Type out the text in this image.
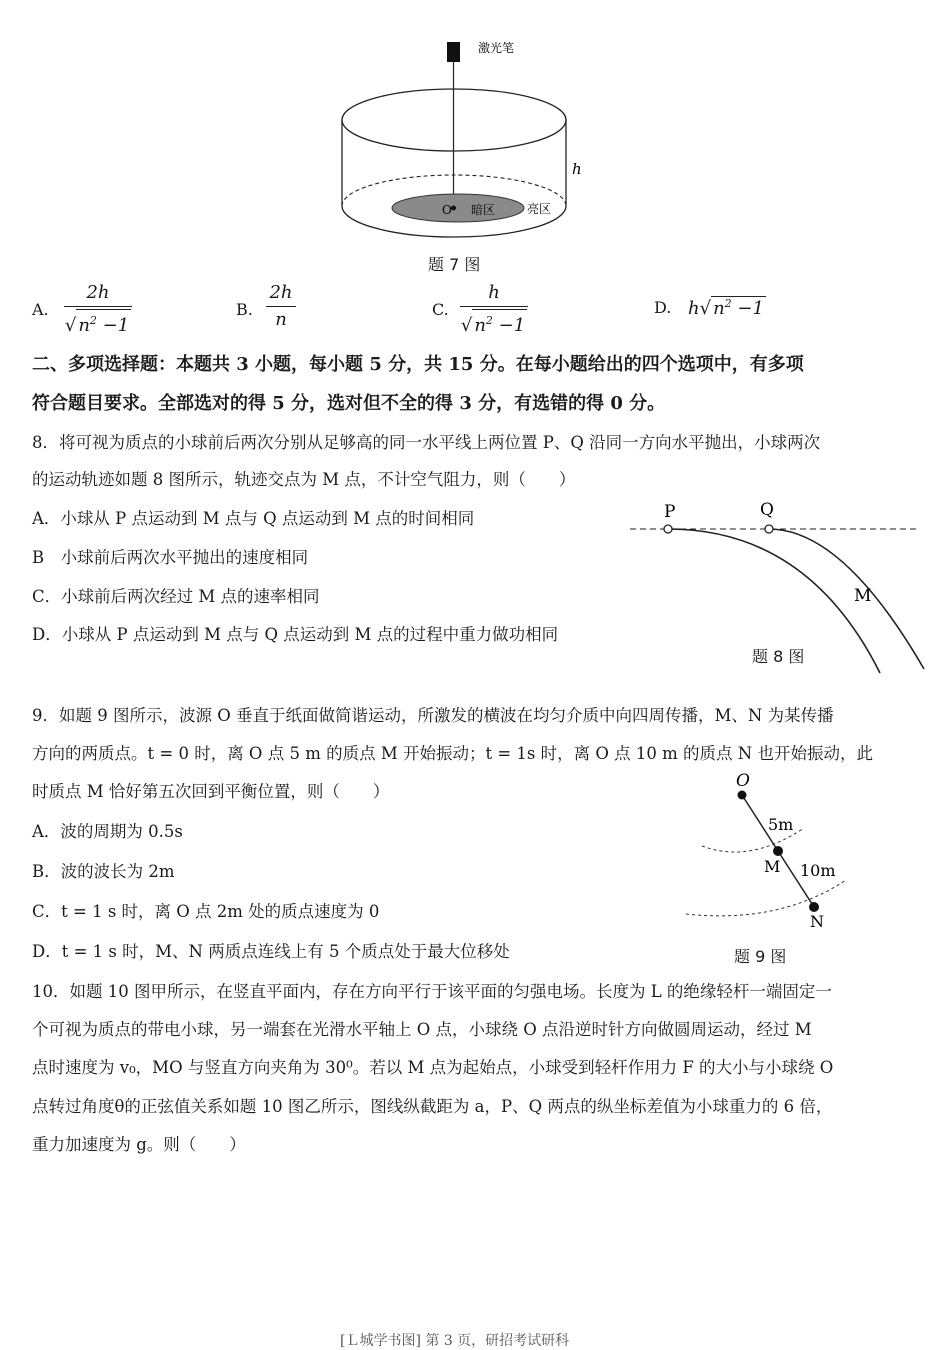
激光笔
h
O 暗区	亮区
题 7 图
A.
2h
√ $n^2 -1$
B.
2h
n	C.
h
√ $n^2 -1$
D. h√ $n^2 -1$
二、多项选择题：本题共 3 小题，每小题 5 分，共 15 分。在每小题给出的四个选项中，有多项
符合题目要求。全部选对的得 5 分，选对但不全的得 3 分，有选错的得 0 分。
8．将可视为质点的小球前后两次分别从足够高的同一水平线上两位置 P、Q 沿同一方向水平抛出，小球两次
的运动轨迹如题 8 图所示，轨迹交点为 M 点，不计空气阻力，则（　　）
A．小球从 P 点运动到 M 点与 Q 点运动到 M 点的时间相同
B　小球前后两次水平抛出的速度相同
C．小球前后两次经过 M 点的速率相同
D．小球从 P 点运动到 M 点与 Q 点运动到 M 点的过程中重力做功相同
P	Q
M
题 8 图
9．如题 9 图所示，波源 O 垂直于纸面做简谐运动，所激发的横波在均匀介质中向四周传播，M、N 为某传播
方向的两质点。t = 0 时，离 O 点 5 m 的质点 M 开始振动；t = 1s 时，离 O 点 10 m 的质点 N 也开始振动，此
时质点 M 恰好第五次回到平衡位置，则（　　）
A．波的周期为 0.5s
B．波的波长为 2m
C．t = 1 s 时，离 O 点 2m 处的质点速度为 0
D．t = 1 s 时，M、N 两质点连线上有 5 个质点处于最大位移处
O
5m
M 10m
N
题 9 图
10．如题 10 图甲所示，在竖直平面内，存在方向平行于该平面的匀强电场。长度为 L 的绝缘轻杆一端固定一
个可视为质点的带电小球，另一端套在光滑水平轴上 O 点，小球绕 O 点沿逆时针方向做圆周运动，经过 M
点时速度为 v₀，MO 与竖直方向夹角为 30⁰。若以 M 点为起始点，小球受到轻杆作用力 F 的大小与小球绕 O
点转过角度θ的正弦值关系如题 10 图乙所示，图线纵截距为 a，P、Q 两点的纵坐标差值为小球重力的 6 倍，
重力加速度为 g。则（　　）
[Ｌ城学书图] 第 3 页，研招考试研科
